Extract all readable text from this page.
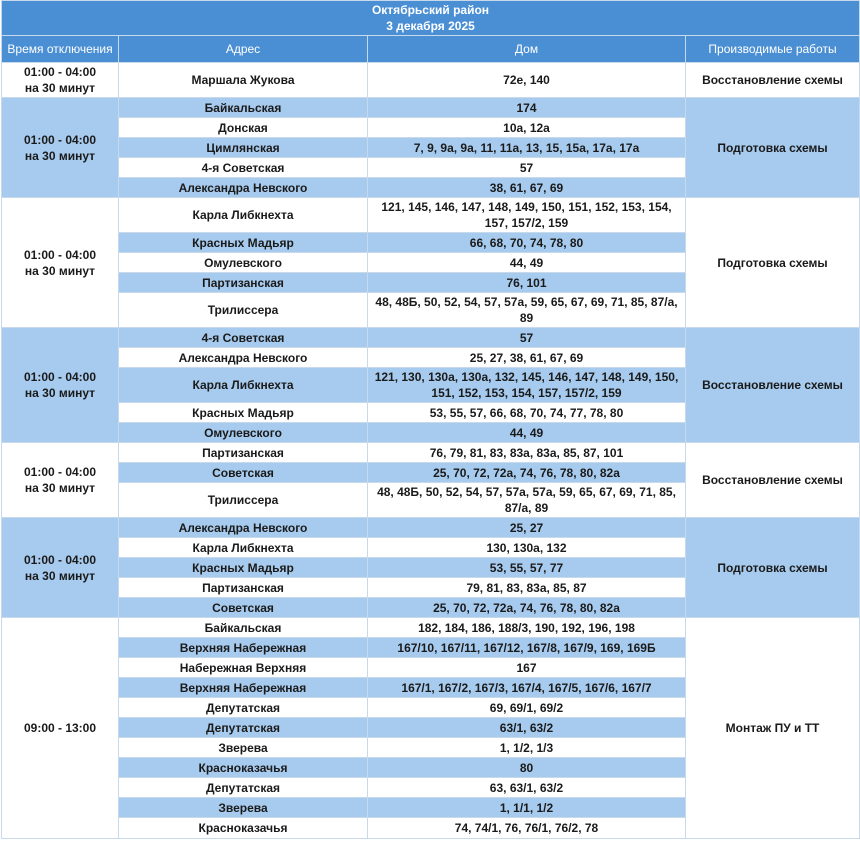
Октябрьский район
3 декабря 2025			

Время отключения	Адрес	Дом	Производимые работы

01:00 - 04:00
на 30 минут	Маршала Жукова	72е, 140	Восстановление схемы

01:00 - 04:00
на 30 минут	Байкальская	174	Подготовка схемы
	Донская	10а, 12а	
	Цимлянская	7, 9, 9а, 9а, 11, 11а, 13, 15, 15а, 17а, 17а	
	4-я Советская	57	
	Александра Невского	38, 61, 67, 69	

01:00 - 04:00
на 30 минут	Карла Либкнехта	121, 145, 146, 147, 148, 149, 150, 151, 152, 153, 154, 157, 157/2, 159	Подготовка схемы
	Красных Мадьяр	66, 68, 70, 74, 78, 80	
	Омулевского	44, 49	
	Партизанская	76, 101	
	Трилиссера	48, 48Б, 50, 52, 54, 57, 57а, 59, 65, 67, 69, 71, 85, 87/а, 89	

01:00 - 04:00
на 30 минут	4-я Советская	57	Восстановление схемы
	Александра Невского	25, 27, 38, 61, 67, 69	
	Карла Либкнехта	121, 130, 130а, 130а, 132, 145, 146, 147, 148, 149, 150, 151, 152, 153, 154, 157, 157/2, 159	
	Красных Мадьяр	53, 55, 57, 66, 68, 70, 74, 77, 78, 80	
	Омулевского	44, 49	

01:00 - 04:00
на 30 минут	Партизанская	76, 79, 81, 83, 83а, 83а, 85, 87, 101	Восстановление схемы
	Советская	25, 70, 72, 72а, 74, 76, 78, 80, 82а	
	Трилиссера	48, 48Б, 50, 52, 54, 57, 57а, 57а, 59, 65, 67, 69, 71, 85, 87/а, 89	

01:00 - 04:00
на 30 минут	Александра Невского	25, 27	Подготовка схемы
	Карла Либкнехта	130, 130а, 132	
	Красных Мадьяр	53, 55, 57, 77	
	Партизанская	79, 81, 83, 83а, 85, 87	
	Советская	25, 70, 72, 72а, 74, 76, 78, 80, 82а	

09:00 - 13:00	Байкальская	182, 184, 186, 188/3, 190, 192, 196, 198	Монтаж ПУ и ТТ
	Верхняя Набережная	167/10, 167/11, 167/12, 167/8, 167/9, 169, 169Б	
	Набережная Верхняя	167	
	Верхняя Набережная	167/1, 167/2, 167/3, 167/4, 167/5, 167/6, 167/7	
	Депутатская	69, 69/1, 69/2	
	Депутатская	63/1, 63/2	
	Зверева	1, 1/2, 1/3	
	Краснoказачья	80	
	Депутатская	63, 63/1, 63/2	
	Зверева	1, 1/1, 1/2	
	Красноказачья	74, 74/1, 76, 76/1, 76/2, 78	
